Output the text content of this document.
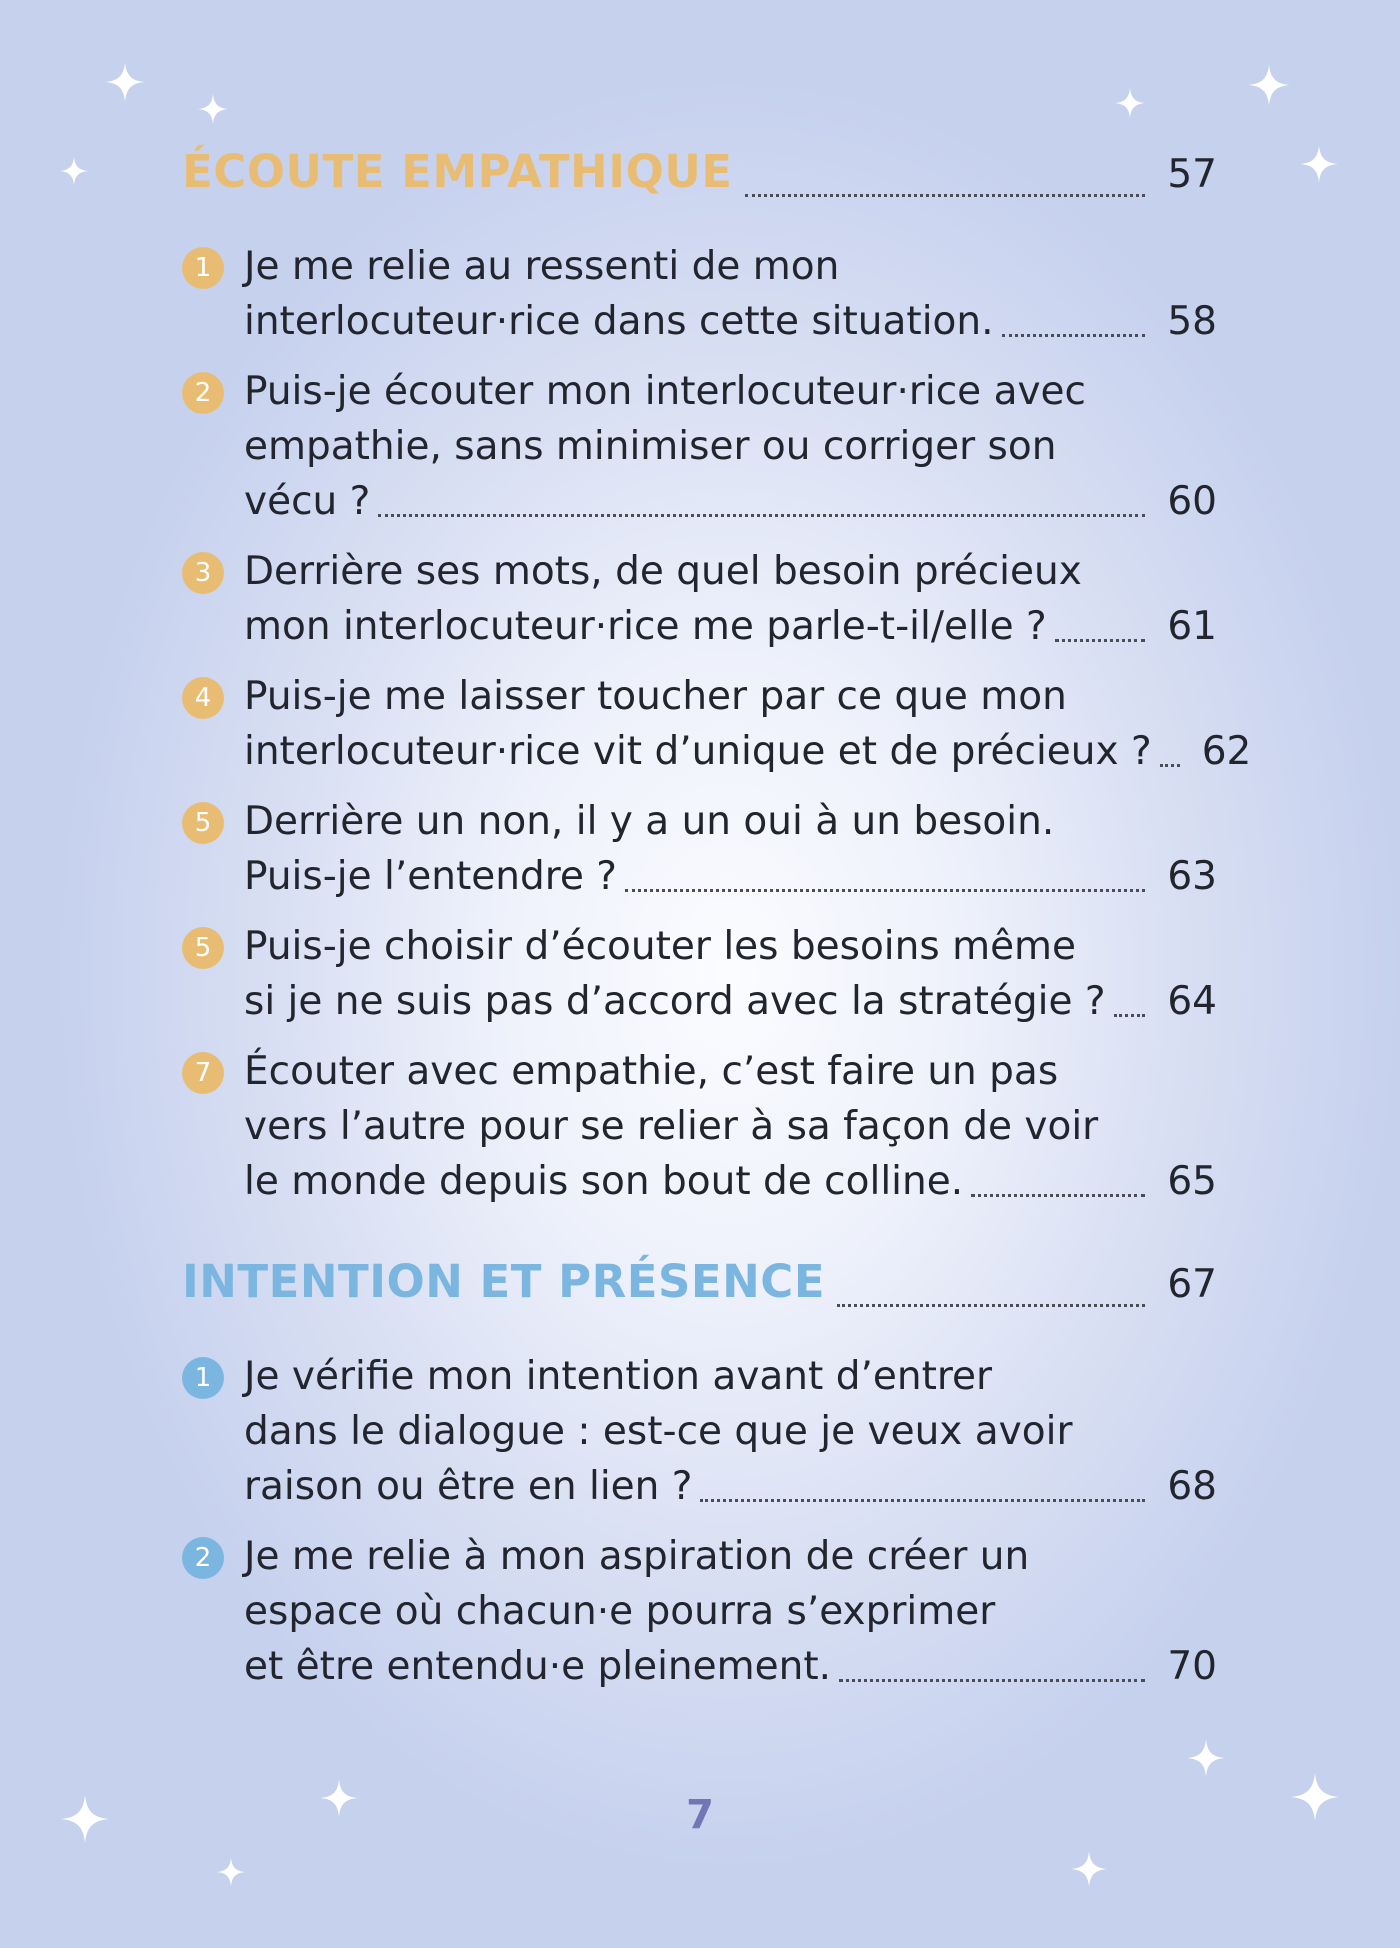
ÉCOUTE EMPATHIQUE	57
1 Je me relie au ressenti de mon
interlocuteur·rice dans cette situation.	58
2 Puis-je écouter mon interlocuteur·rice avec
empathie, sans minimiser ou corriger son
vécu ?	60
3 Derrière ses mots, de quel besoin précieux
mon interlocuteur·rice me parle-t-il/elle ?	61
4 Puis-je me laisser toucher par ce que mon
interlocuteur·rice vit d’unique et de précieux ? 62
5 Derrière un non, il y a un oui à un besoin.
Puis-je l’entendre ?	63
5 Puis-je choisir d’écouter les besoins même
si je ne suis pas d’accord avec la stratégie ? 64
7 Écouter avec empathie, c’est faire un pas
vers l’autre pour se relier à sa façon de voir
le monde depuis son bout de colline.	65
INTENTION ET PRÉSENCE	67
1 Je vérifie mon intention avant d’entrer
dans le dialogue : est-ce que je veux avoir
raison ou être en lien ?	68
2 Je me relie à mon aspiration de créer un
espace où chacun·e pourra s’exprimer
et être entendu·e pleinement.	70
7
